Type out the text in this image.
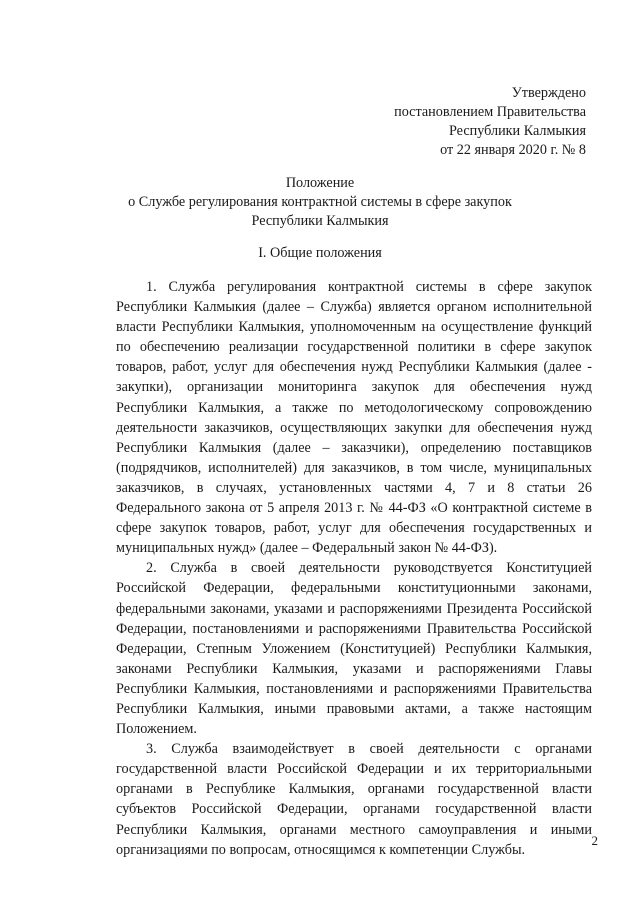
Утверждено
постановлением Правительства
Республики Калмыкия
от 22 января 2020 г. № 8
Положение
о Службе регулирования контрактной системы в сфере закупок
Республики Калмыкия
I. Общие положения

1. Служба регулирования контрактной системы в сфере закупок Республики Калмыкия (далее – Служба) является органом исполнительной власти Республики Калмыкия, уполномоченным на осуществление функций по обеспечению реализации государственной политики в сфере закупок товаров, работ, услуг для обеспечения нужд Республики Калмыкия (далее - закупки), организации мониторинга закупок для обеспечения нужд Республики Калмыкия, а также по методологическому сопровождению деятельности заказчиков, осуществляющих закупки для обеспечения нужд Республики Калмыкия (далее – заказчики), определению поставщиков (подрядчиков, исполнителей) для заказчиков, в том числе, муниципальных заказчиков, в случаях, установленных частями 4, 7 и 8 статьи 26 Федерального закона от 5 апреля 2013 г. № 44-ФЗ «О контрактной системе в сфере закупок товаров, работ, услуг для обеспечения государственных и муниципальных нужд» (далее – Федеральный закон № 44-ФЗ).

2. Служба в своей деятельности руководствуется Конституцией Российской Федерации, федеральными конституционными законами, федеральными законами, указами и распоряжениями Президента Российской Федерации, постановлениями и распоряжениями Правительства Российской Федерации, Степным Уложением (Конституцией) Республики Калмыкия, законами Республики Калмыкия, указами и распоряжениями Главы Республики Калмыкия, постановлениями и распоряжениями Правительства Республики Калмыкия, иными правовыми актами, а также настоящим Положением.

3. Служба взаимодействует в своей деятельности с органами государственной власти Российской Федерации и их территориальными органами в Республике Калмыкия, органами государственной власти субъектов Российской Федерации, органами государственной власти Республики Калмыкия, органами местного самоуправления и иными организациями по вопросам, относящимся к компетенции Службы.

2
